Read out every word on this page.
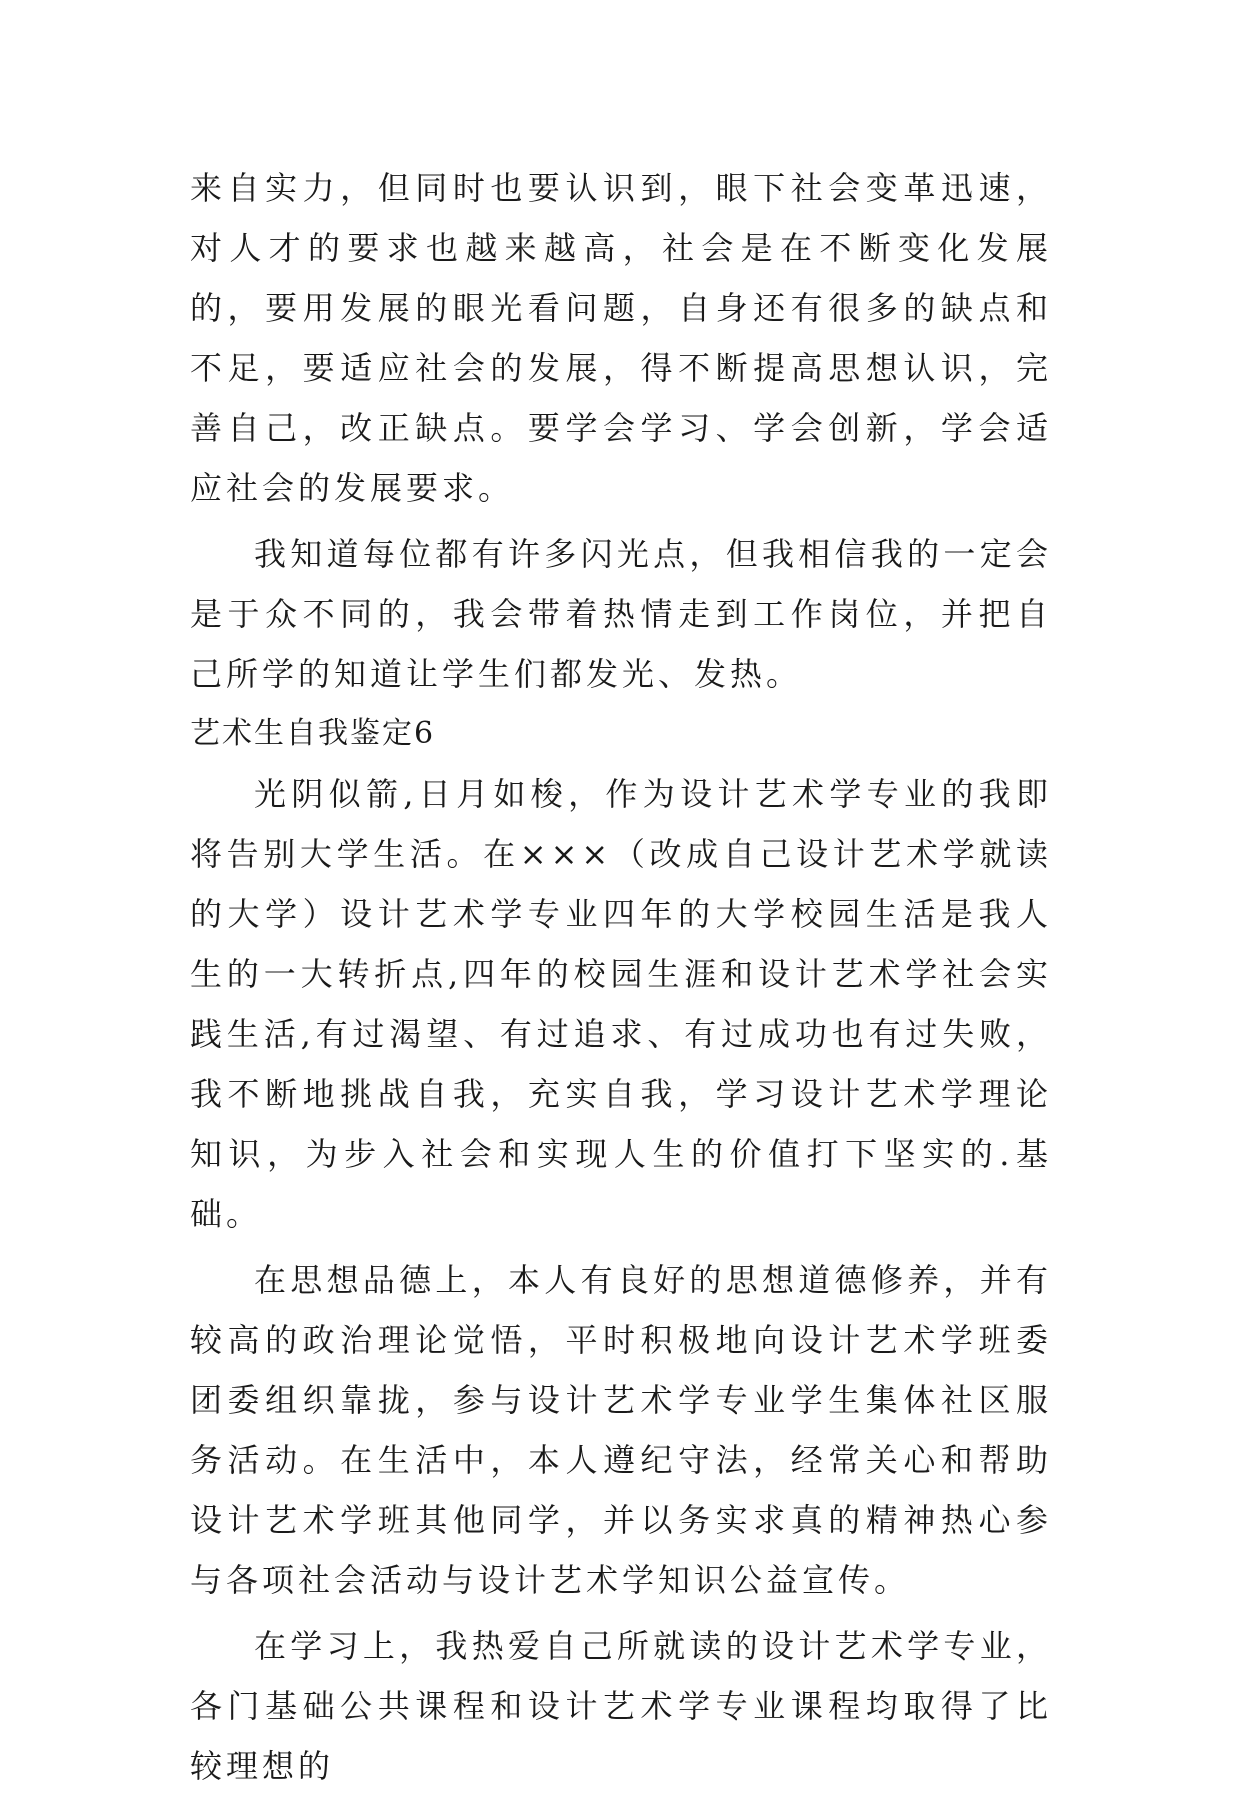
来自实力，但同时也要认识到，眼下社会变革迅速，对人才的要求也越来越高，社会是在不断变化发展的，要用发展的眼光看问题，自身还有很多的缺点和不足，要适应社会的发展，得不断提高思想认识，完善自己，改正缺点。要学会学习、学会创新，学会适应社会的发展要求。

我知道每位都有许多闪光点，但我相信我的一定会是于众不同的，我会带着热情走到工作岗位，并把自己所学的知道让学生们都发光、发热。

艺术生自我鉴定6

光阴似箭,日月如梭，作为设计艺术学专业的我即将告别大学生活。在×××（改成自己设计艺术学就读的大学）设计艺术学专业四年的大学校园生活是我人生的一大转折点,四年的校园生涯和设计艺术学社会实践生活,有过渴望、有过追求、有过成功也有过失败，我不断地挑战自我，充实自我，学习设计艺术学理论知识，为步入社会和实现人生的价值打下坚实的.基础。

在思想品德上，本人有良好的思想道德修养，并有较高的政治理论觉悟，平时积极地向设计艺术学班委团委组织靠拢，参与设计艺术学专业学生集体社区服务活动。在生活中，本人遵纪守法，经常关心和帮助设计艺术学班其他同学，并以务实求真的精神热心参与各项社会活动与设计艺术学知识公益宣传。

在学习上，我热爱自己所就读的设计艺术学专业，各门基础公共课程和设计艺术学专业课程均取得了比较理想的
